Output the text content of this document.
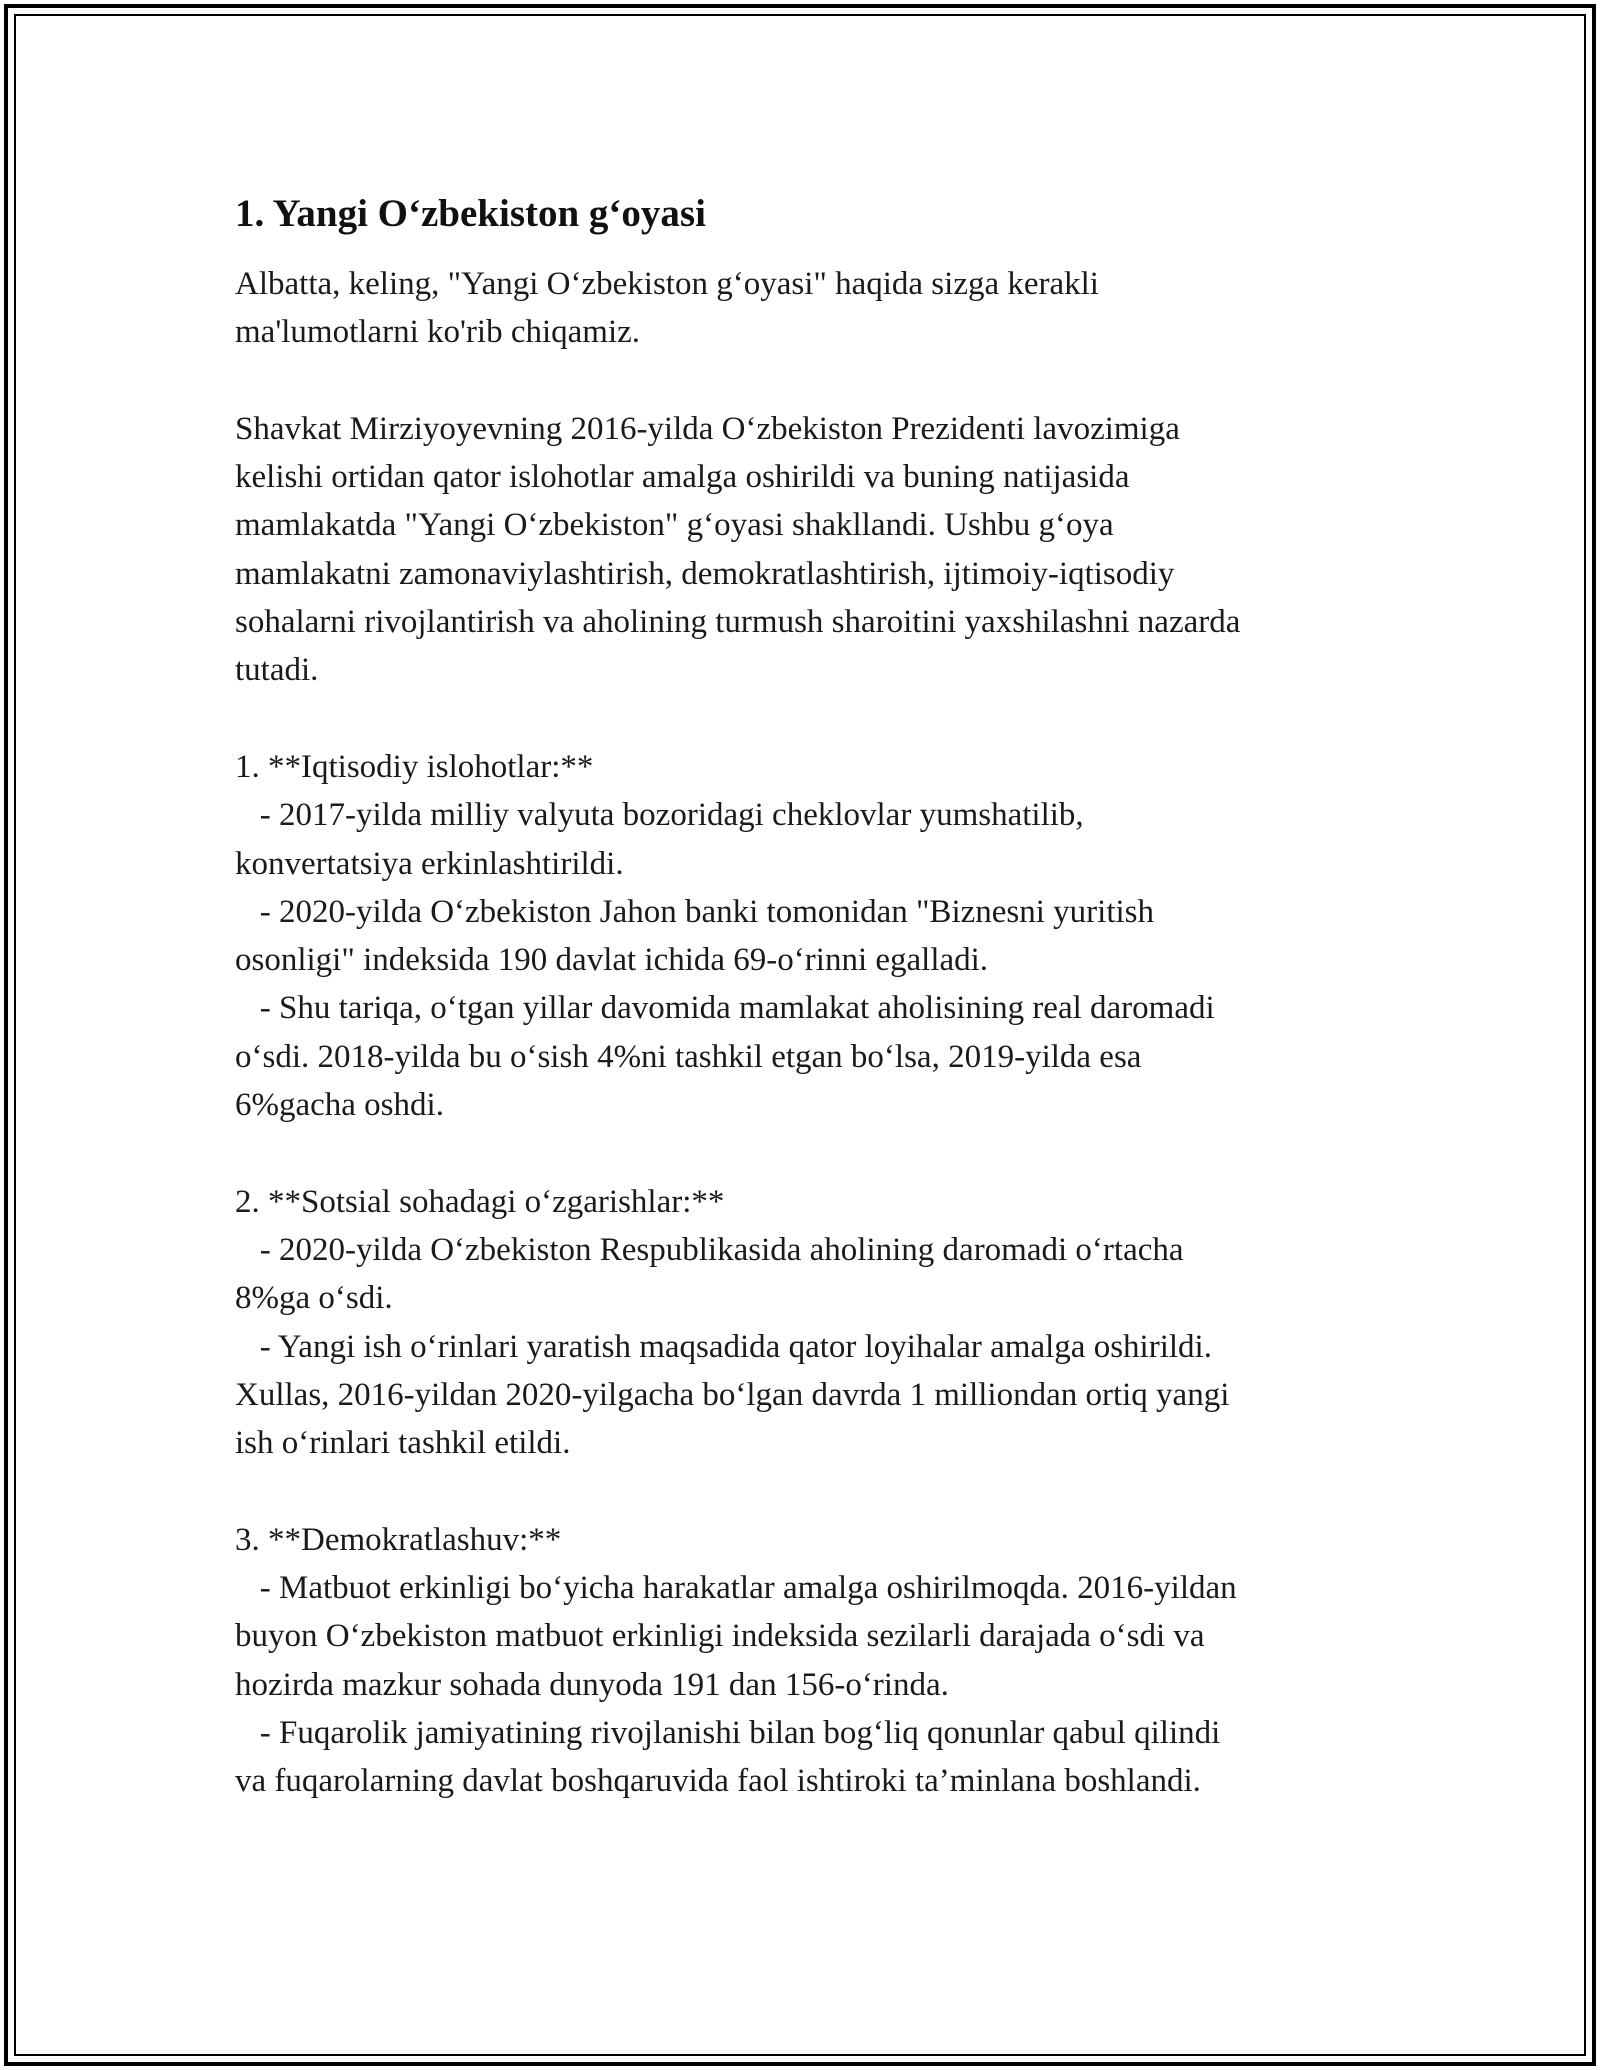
1. Yangi O‘zbekiston g‘oyasi

Albatta, keling, "Yangi O‘zbekiston g‘oyasi" haqida sizga kerakli
ma'lumotlarni ko'rib chiqamiz.

Shavkat Mirziyoyevning 2016-yilda O‘zbekiston Prezidenti lavozimiga
kelishi ortidan qator islohotlar amalga oshirildi va buning natijasida
mamlakatda "Yangi O‘zbekiston" g‘oyasi shakllandi. Ushbu g‘oya
mamlakatni zamonaviylashtirish, demokratlashtirish, ijtimoiy-iqtisodiy
sohalarni rivojlantirish va aholining turmush sharoitini yaxshilashni nazarda
tutadi.

1. **Iqtisodiy islohotlar:**
- 2017-yilda milliy valyuta bozoridagi cheklovlar yumshatilib,
konvertatsiya erkinlashtirildi.
- 2020-yilda O‘zbekiston Jahon banki tomonidan "Biznesni yuritish
osonligi" indeksida 190 davlat ichida 69-o‘rinni egalladi.
- Shu tariqa, o‘tgan yillar davomida mamlakat aholisining real daromadi
o‘sdi. 2018-yilda bu o‘sish 4%ni tashkil etgan bo‘lsa, 2019-yilda esa
6%gacha oshdi.

2. **Sotsial sohadagi o‘zgarishlar:**
- 2020-yilda O‘zbekiston Respublikasida aholining daromadi o‘rtacha
8%ga o‘sdi.
- Yangi ish o‘rinlari yaratish maqsadida qator loyihalar amalga oshirildi.
Xullas, 2016-yildan 2020-yilgacha bo‘lgan davrda 1 milliondan ortiq yangi
ish o‘rinlari tashkil etildi.

3. **Demokratlashuv:**
- Matbuot erkinligi bo‘yicha harakatlar amalga oshirilmoqda. 2016-yildan
buyon O‘zbekiston matbuot erkinligi indeksida sezilarli darajada o‘sdi va
hozirda mazkur sohada dunyoda 191 dan 156-o‘rinda.
- Fuqarolik jamiyatining rivojlanishi bilan bog‘liq qonunlar qabul qilindi
va fuqarolarning davlat boshqaruvida faol ishtiroki ta’minlana boshlandi.
